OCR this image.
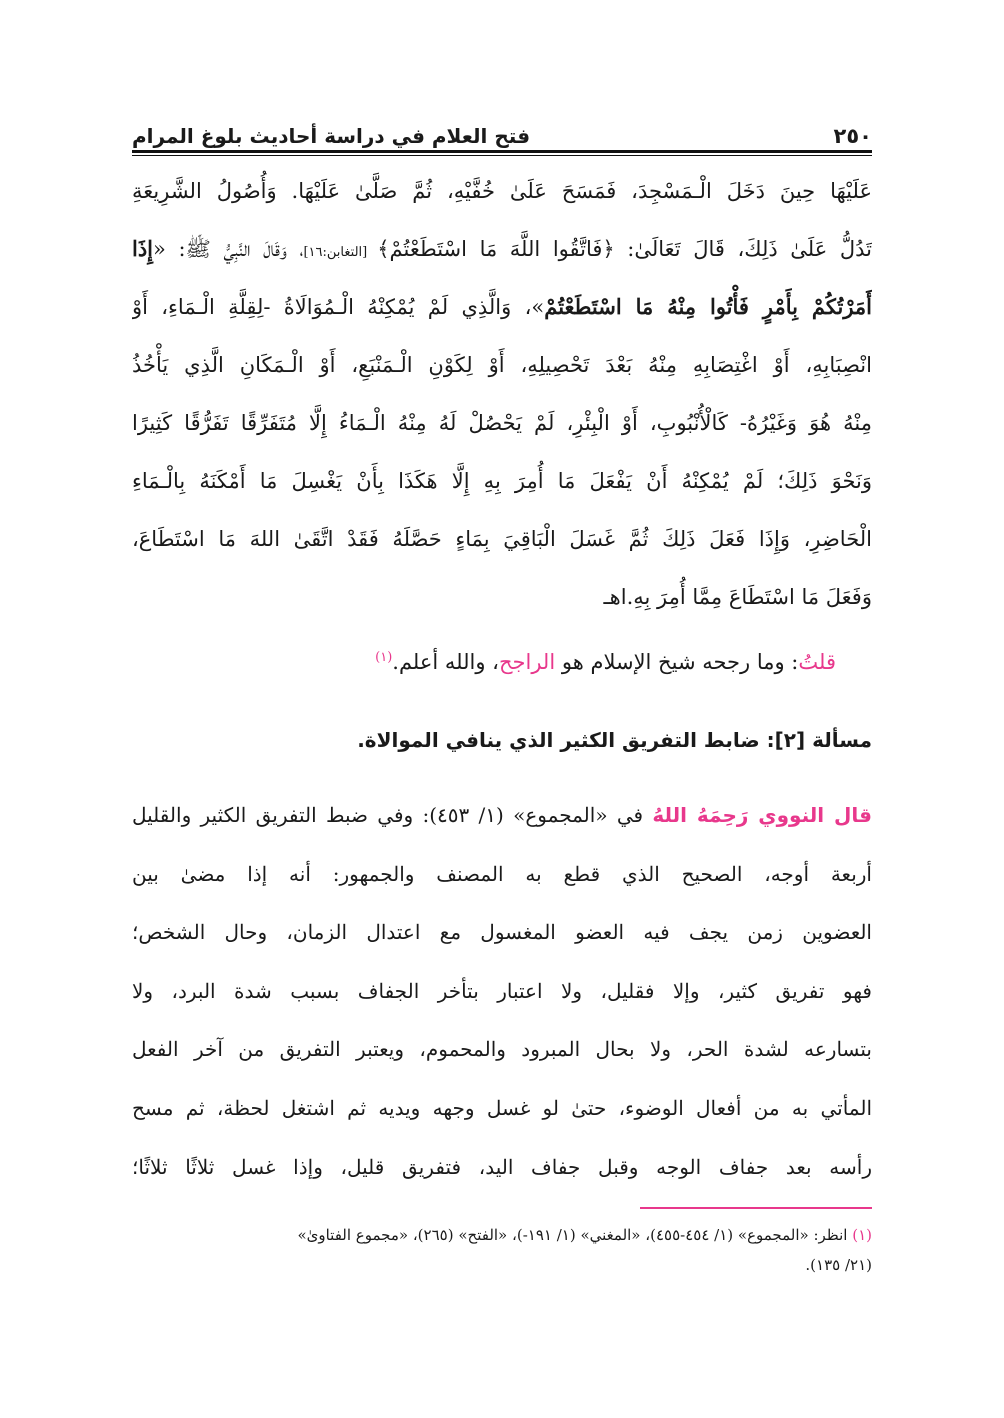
٢٥٠
فتح العلام في دراسة أحاديث بلوغ المرام
عَلَيْهَا حِينَ دَخَلَ الْـمَسْجِدَ، فَمَسَحَ عَلَىٰ خُفَّيْهِ، ثُمَّ صَلَّىٰ عَلَيْهَا. وَأُصُولُ الشَّرِيعَةِ
تَدُلُّ عَلَىٰ ذَلِكَ، قَالَ تَعَالَىٰ: ﴿فَاتَّقُوا اللَّهَ مَا اسْتَطَعْتُمْ﴾ [التغابن:١٦]، وَقَالَ النَّبِيُّ ﷺ: «إِذَا
أَمَرْتُكُمْ بِأَمْرٍ فَأْتُوا مِنْهُ مَا اسْتَطَعْتُمْ»، وَالَّذِي لَمْ يُمْكِنْهُ الْـمُوَالَاةُ -لِقِلَّةِ الْـمَاءِ، أَوْ
انْصِبَابِهِ، أَوْ اغْتِصَابِهِ مِنْهُ بَعْدَ تَحْصِيلِهِ، أَوْ لِكَوْنِ الْـمَنْبَعِ، أَوْ الْـمَكَانِ الَّذِي يَأْخُذُ
مِنْهُ هُوَ وَغَيْرُهُ- كَالْأُنْبُوبِ، أَوْ الْبِئْرِ، لَمْ يَحْصُلْ لَهُ مِنْهُ الْـمَاءُ إِلَّا مُتَفَرِّقًا تَفَرُّقًا كَثِيرًا
وَنَحْوَ ذَلِكَ؛ لَمْ يُمْكِنْهُ أَنْ يَفْعَلَ مَا أُمِرَ بِهِ إِلَّا هَكَذَا بِأَنْ يَغْسِلَ مَا أَمْكَنَهُ بِالْـمَاءِ
الْحَاضِرِ، وَإِذَا فَعَلَ ذَلِكَ ثُمَّ غَسَلَ الْبَاقِيَ بِمَاءٍ حَصَّلَهُ فَقَدْ اتَّقَىٰ اللهَ مَا اسْتَطَاعَ،
وَفَعَلَ مَا اسْتَطَاعَ مِمَّا أُمِرَ بِهِ.اهـ
قلتُ: وما رجحه شيخ الإسلام هو الراجح، والله أعلم.$^{(١)}$
مسألة [٢]: ضابط التفريق الكثير الذي ينافي الموالاة.
قال النووي رَحِمَهُ اللهُ في «المجموع» (١/ ٤٥٣): وفي ضبط التفريق الكثير والقليل
أربعة أوجه، الصحيح الذي قطع به المصنف والجمهور: أنه إذا مضىٰ بين
العضوين زمن يجف فيه العضو المغسول مع اعتدال الزمان، وحال الشخص؛
فهو تفريق كثير، وإلا فقليل، ولا اعتبار بتأخر الجفاف بسبب شدة البرد، ولا
بتسارعه لشدة الحر، ولا بحال المبرود والمحموم، ويعتبر التفريق من آخر الفعل
المأتي به من أفعال الوضوء، حتىٰ لو غسل وجهه ويديه ثم اشتغل لحظة، ثم مسح
رأسه بعد جفاف الوجه وقبل جفاف اليد، فتفريق قليل، وإذا غسل ثلاثًا ثلاثًا؛
(١) انظر: «المجموع» (١/ ٤٥٤-٤٥٥)، «المغني» (١/ ١٩١-)، «الفتح» (٢٦٥)، «مجموع الفتاوىٰ»
(٢١/ ١٣٥).
